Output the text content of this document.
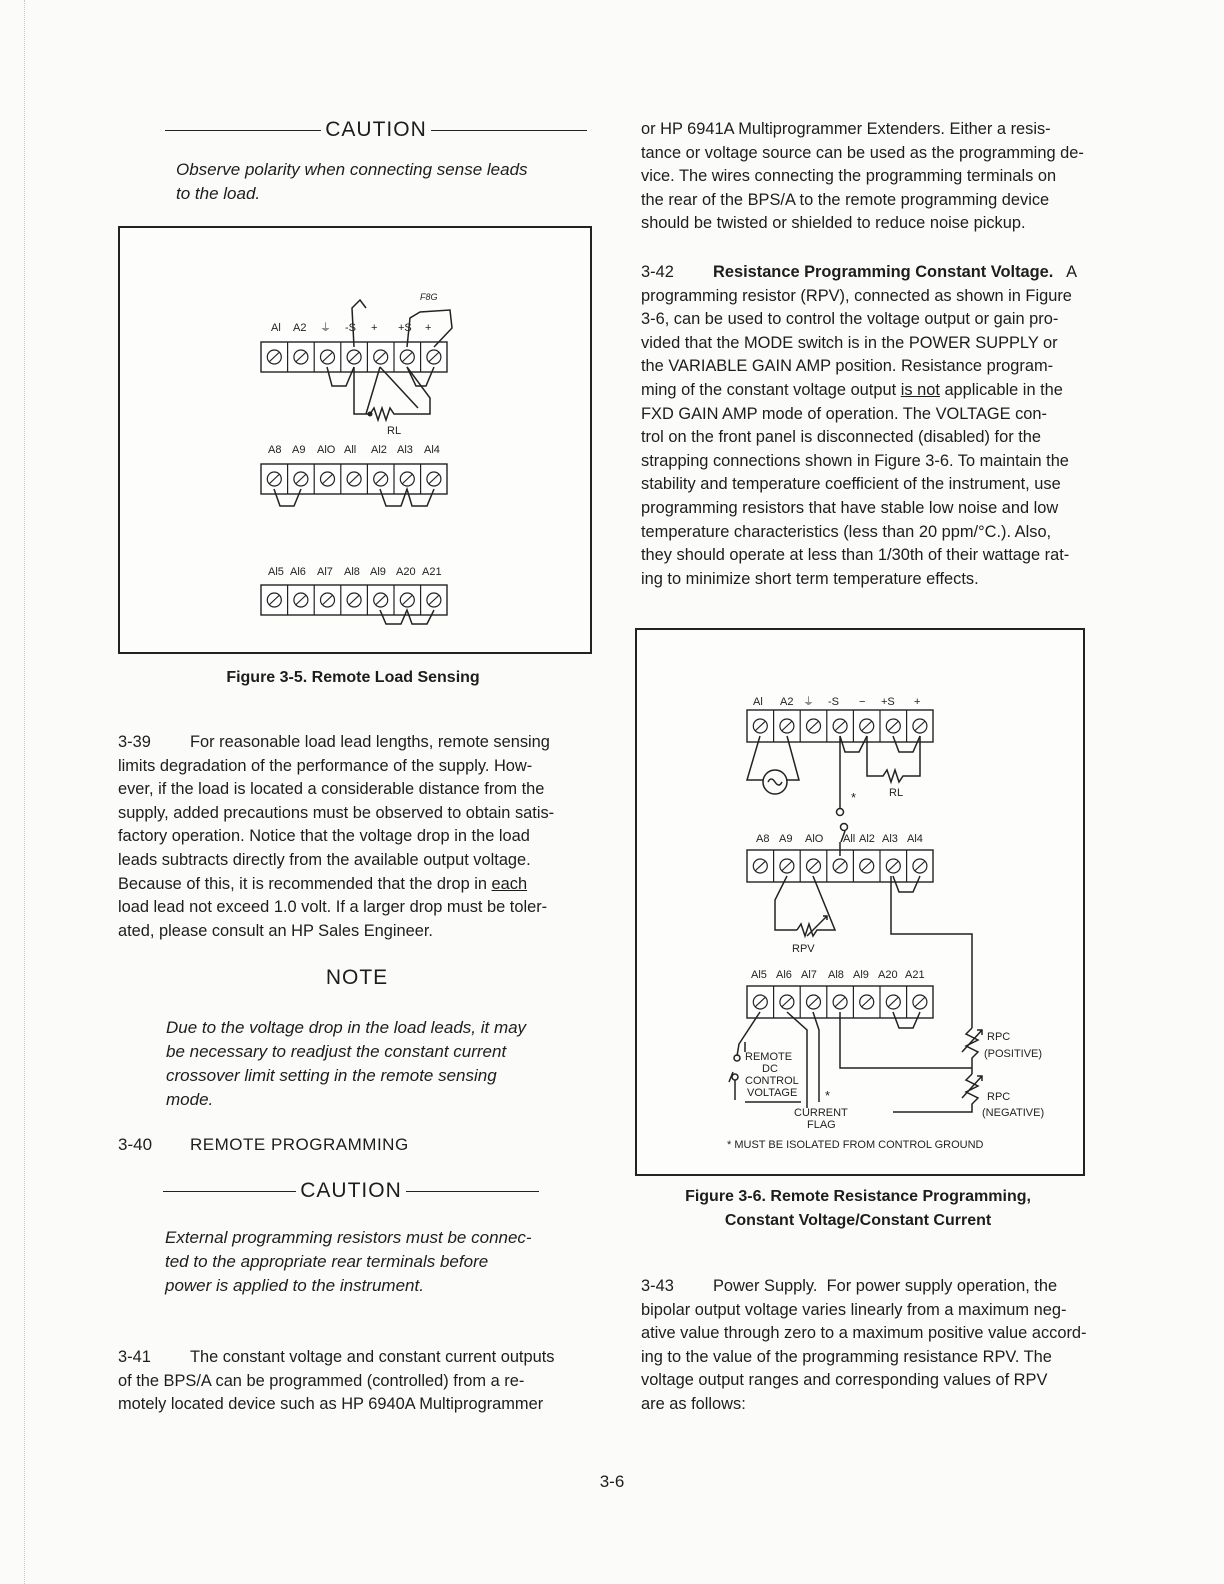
CAUTION
Observe polarity when connecting sense leads
to the load.
F8G
Al A2 ⏚ -S + +S +
RL
A8 A9 AlO All Al2 Al3 Al4
Al5 Al6 Al7 Al8 Al9 A20 A21
Figure 3-5. Remote Load Sensing
3-39 For reasonable load lead lengths, remote sensing
limits degradation of the performance of the supply. How-
ever, if the load is located a considerable distance from the
supply, added precautions must be observed to obtain satis-
factory operation. Notice that the voltage drop in the load
leads subtracts directly from the available output voltage.
Because of this, it is recommended that the drop in each
load lead not exceed 1.0 volt. If a larger drop must be toler-
ated, please consult an HP Sales Engineer.
NOTE
Due to the voltage drop in the load leads, it may
be necessary to readjust the constant current
crossover limit setting in the remote sensing
mode.
3-40 REMOTE PROGRAMMING
CAUTION
External programming resistors must be connec-
ted to the appropriate rear terminals before
power is applied to the instrument.
3-41 The constant voltage and constant current outputs
of the BPS/A can be programmed (controlled) from a re-
motely located device such as HP 6940A Multiprogrammer
or HP 6941A Multiprogrammer Extenders. Either a resis-
tance or voltage source can be used as the programming de-
vice. The wires connecting the programming terminals on
the rear of the BPS/A to the remote programming device
should be twisted or shielded to reduce noise pickup.
3-42 Resistance Programming Constant Voltage. A
programming resistor (RPV), connected as shown in Figure
3-6, can be used to control the voltage output or gain pro-
vided that the MODE switch is in the POWER SUPPLY or
the VARIABLE GAIN AMP position. Resistance program-
ming of the constant voltage output is not applicable in the
FXD GAIN AMP mode of operation. The VOLTAGE con-
trol on the front panel is disconnected (disabled) for the
strapping connections shown in Figure 3-6. To maintain the
stability and temperature coefficient of the instrument, use
programming resistors that have stable low noise and low
temperature characteristics (less than 20 ppm/°C.). Also,
they should operate at less than 1/30th of their wattage rat-
ing to minimize short term temperature effects.
Al A2 ⏚ -S − +S +
RL
*
A8 A9 AlO All Al2 Al3 Al4
RPV
Al5 Al6 Al7 Al8 Al9 A20 A21
REMOTE
DC
CONTROL
VOLTAGE *
CURRENT
FLAG
RPC
(POSITIVE)
RPC
(NEGATIVE)
* MUST BE ISOLATED FROM CONTROL GROUND
Figure 3-6. Remote Resistance Programming,
Constant Voltage/Constant Current
3-43 Power Supply. For power supply operation, the
bipolar output voltage varies linearly from a maximum neg-
ative value through zero to a maximum positive value accord-
ing to the value of the programming resistance RPV. The
voltage output ranges and corresponding values of RPV
are as follows:
3-6
